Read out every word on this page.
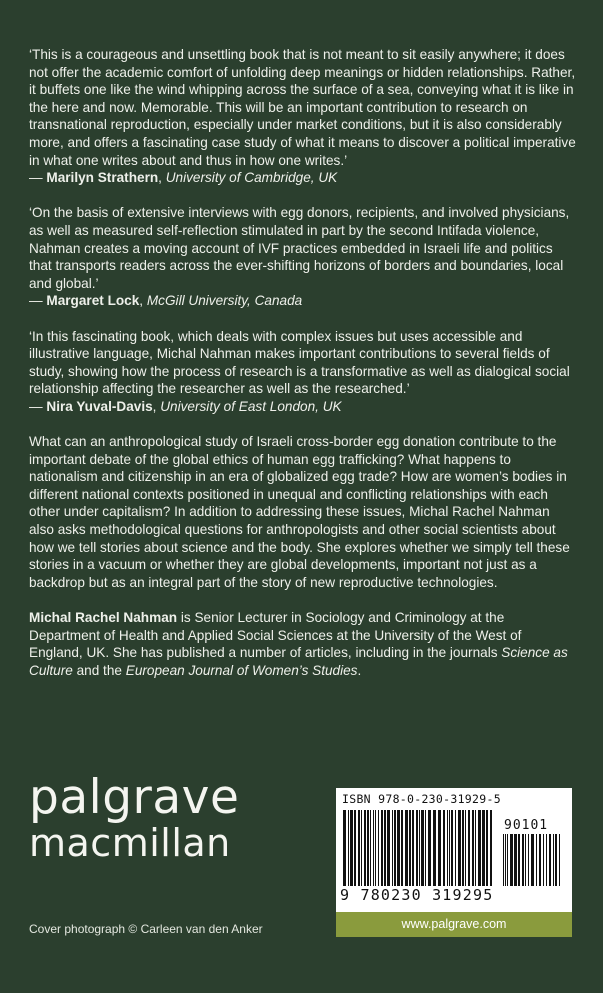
‘This is a courageous and unsettling book that is not meant to sit easily anywhere; it does not offer the academic comfort of unfolding deep meanings or hidden relationships. Rather, it buffets one like the wind whipping across the surface of a sea, conveying what it is like in the here and now. Memorable. This will be an important contribution to research on transnational reproduction, especially under market conditions, but it is also considerably more, and offers a fascinating case study of what it means to discover a political imperative in what one writes about and thus in how one writes.’

— Marilyn Strathern, University of Cambridge, UK

‘On the basis of extensive interviews with egg donors, recipients, and involved physicians, as well as measured self-reflection stimulated in part by the second Intifada violence, Nahman creates a moving account of IVF practices embedded in Israeli life and politics that transports readers across the ever-shifting horizons of borders and boundaries, local and global.’

— Margaret Lock, McGill University, Canada

‘In this fascinating book, which deals with complex issues but uses accessible and illustrative language, Michal Nahman makes important contributions to several fields of study, showing how the process of research is a transformative as well as dialogical social relationship affecting the researcher as well as the researched.’

— Nira Yuval-Davis, University of East London, UK

What can an anthropological study of Israeli cross-border egg donation contribute to the important debate of the global ethics of human egg trafficking? What happens to nationalism and citizenship in an era of globalized egg trade? How are women’s bodies in different national contexts positioned in unequal and conflicting relationships with each other under capitalism? In addition to addressing these issues, Michal Rachel Nahman also asks methodological questions for anthropologists and other social scientists about how we tell stories about science and the body. She explores whether we simply tell these stories in a vacuum or whether they are global developments, important not just as a backdrop but as an integral part of the story of new reproductive technologies.

Michal Rachel Nahman is Senior Lecturer in Sociology and Criminology at the Department of Health and Applied Social Sciences at the University of the West of England, UK. She has published a number of articles, including in the journals Science as Culture and the European Journal of Women’s Studies.

palgrave
macmillan
Cover photograph © Carleen van den Anker
ISBN 978-0-230-31929-5
90101
9 780230 319295
www.palgrave.com
